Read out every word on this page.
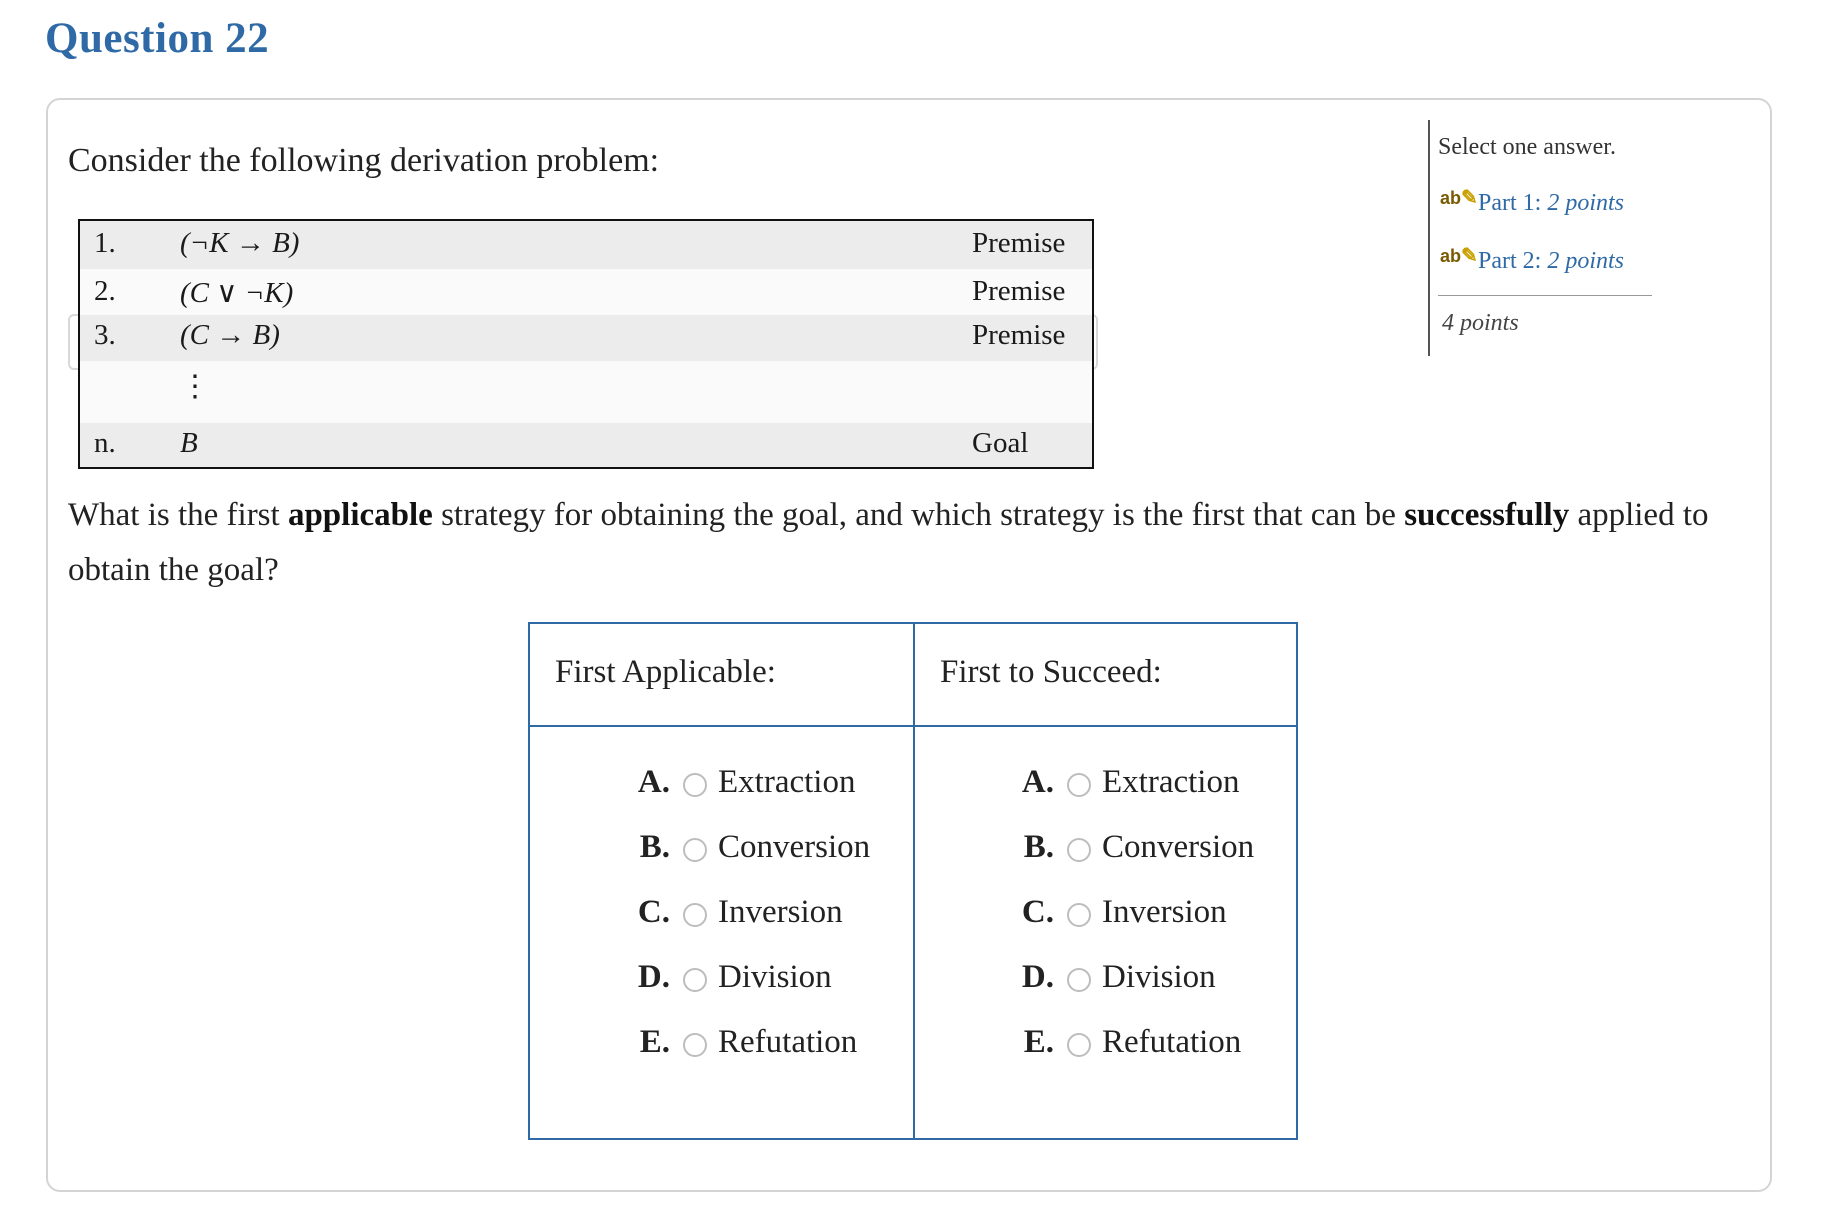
Question 22
Consider the following derivation problem:
1. (¬K → B)	Premise
2. (C ∨ ¬K)	Premise
3. (C → B)	Premise
⋮
n. B	Goal
What is the first applicable strategy for obtaining the goal, and which strategy is the first that can be successfully applied to obtain the goal?
First Applicable:	First to Succeed:
A. Extraction
B. Conversion
C. Inversion
D. Division
E. Refutation
A. Extraction
B. Conversion
C. Inversion
D. Division
E. Refutation
Select one answer.
ab✎ Part 1: 2 points
ab✎ Part 2: 2 points
4 points
